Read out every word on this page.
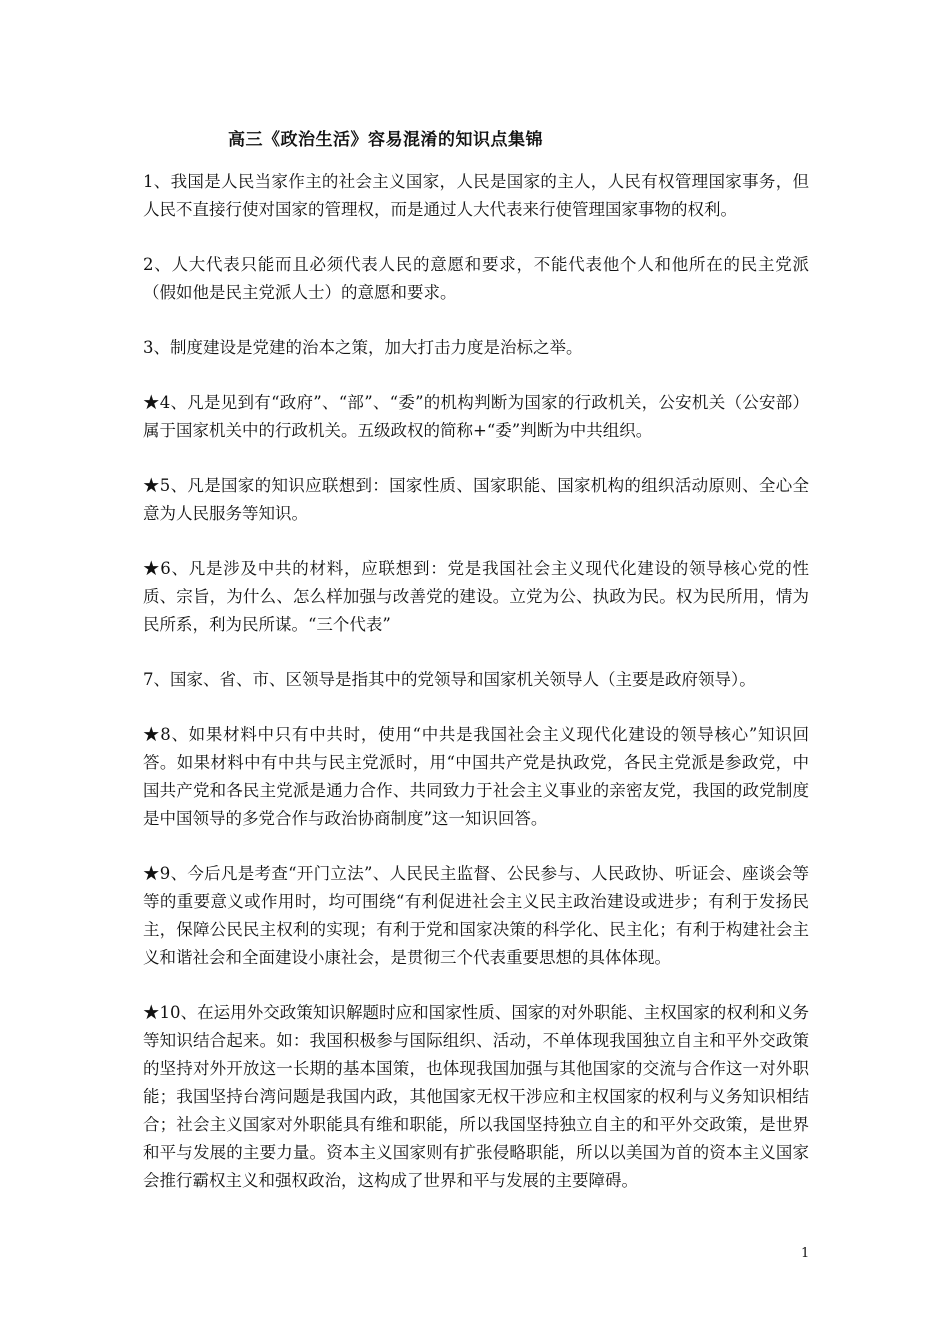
高三《政治生活》容易混淆的知识点集锦

1、我国是人民当家作主的社会主义国家，人民是国家的主人，人民有权管理国家事务，但人民不直接行使对国家的管理权，而是通过人大代表来行使管理国家事物的权利。

2、人大代表只能而且必须代表人民的意愿和要求，不能代表他个人和他所在的民主党派（假如他是民主党派人士）的意愿和要求。

3、制度建设是党建的治本之策，加大打击力度是治标之举。

★4、凡是见到有“政府”、“部”、“委”的机构判断为国家的行政机关，公安机关（公安部）属于国家机关中的行政机关。五级政权的简称+“委”判断为中共组织。

★5、凡是国家的知识应联想到：国家性质、国家职能、国家机构的组织活动原则、全心全意为人民服务等知识。

★6、凡是涉及中共的材料，应联想到：党是我国社会主义现代化建设的领导核心党的性质、宗旨，为什么、怎么样加强与改善党的建设。立党为公、执政为民。权为民所用，情为民所系，利为民所谋。“三个代表”

7、国家、省、市、区领导是指其中的党领导和国家机关领导人（主要是政府领导）。

★8、如果材料中只有中共时，使用“中共是我国社会主义现代化建设的领导核心”知识回答。如果材料中有中共与民主党派时，用“中国共产党是执政党，各民主党派是参政党，中国共产党和各民主党派是通力合作、共同致力于社会主义事业的亲密友党，我国的政党制度是中国领导的多党合作与政治协商制度”这一知识回答。

★9、今后凡是考查“开门立法”、人民民主监督、公民参与、人民政协、听证会、座谈会等等的重要意义或作用时，均可围绕“有利促进社会主义民主政治建设或进步；有利于发扬民主，保障公民民主权利的实现；有利于党和国家决策的科学化、民主化；有利于构建社会主义和谐社会和全面建设小康社会，是贯彻三个代表重要思想的具体体现。

★10、在运用外交政策知识解题时应和国家性质、国家的对外职能、主权国家的权利和义务等知识结合起来。如：我国积极参与国际组织、活动，不单体现我国独立自主和平外交政策的坚持对外开放这一长期的基本国策，也体现我国加强与其他国家的交流与合作这一对外职能；我国坚持台湾问题是我国内政，其他国家无权干涉应和主权国家的权利与义务知识相结合；社会主义国家对外职能具有维和职能，所以我国坚持独立自主的和平外交政策，是世界和平与发展的主要力量。资本主义国家则有扩张侵略职能，所以以美国为首的资本主义国家会推行霸权主义和强权政治，这构成了世界和平与发展的主要障碍。

1
